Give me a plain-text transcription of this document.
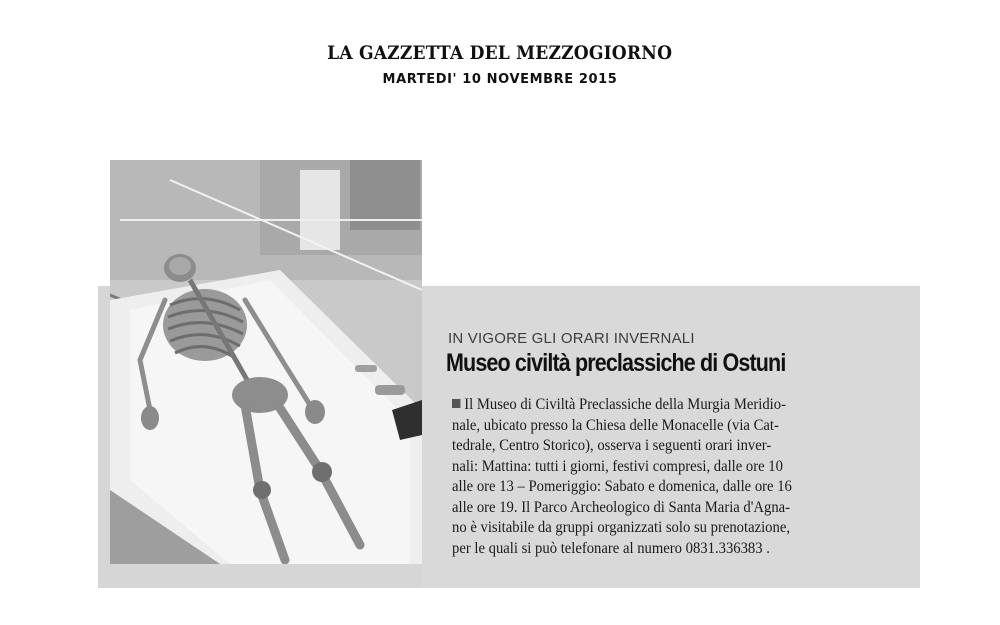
LA GAZZETTA DEL MEZZOGIORNO
MARTEDI' 10 NOVEMBRE 2015
IN VIGORE GLI ORARI INVERNALI
Museo civiltà preclassiche di Ostuni
Il Museo di Civiltà Preclassiche della Murgia Meridio-
nale, ubicato presso la Chiesa delle Monacelle (via Cat-
tedrale, Centro Storico), osserva i seguenti orari inver-
nali: Mattina: tutti i giorni, festivi compresi, dalle ore 10
alle ore 13 – Pomeriggio: Sabato e domenica, dalle ore 16
alle ore 19. Il Parco Archeologico di Santa Maria d'Agna-
no è visitabile da gruppi organizzati solo su prenotazione,
per le quali si può telefonare al numero 0831.336383 .
